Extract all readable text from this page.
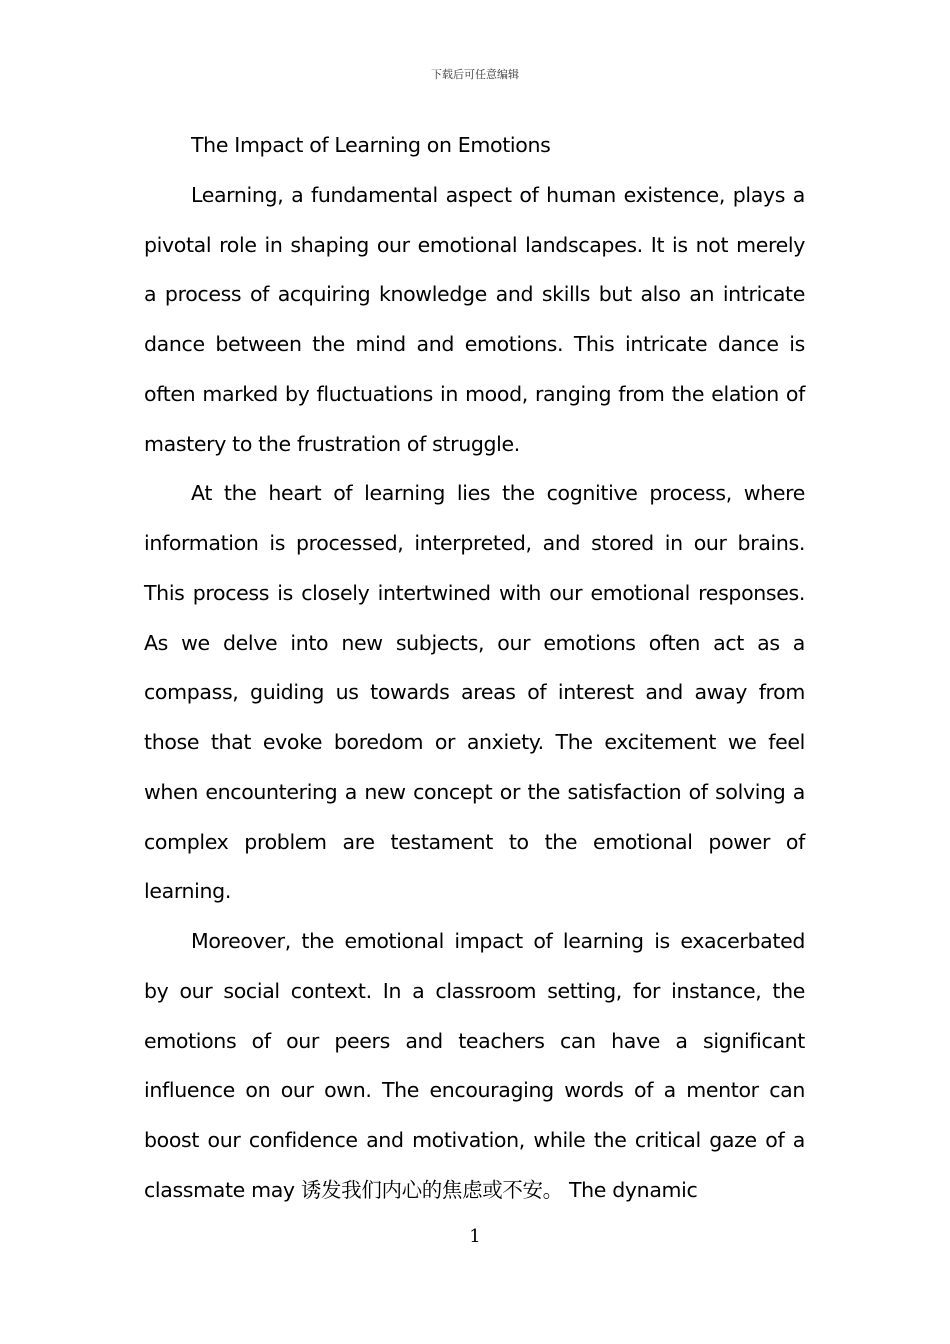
下载后可任意编辑

The Impact of Learning on Emotions

Learning, a fundamental aspect of human existence, plays a pivotal role in shaping our emotional landscapes. It is not merely a process of acquiring knowledge and skills but also an intricate dance between the mind and emotions. This intricate dance is often marked by fluctuations in mood, ranging from the elation of mastery to the frustration of struggle.

At the heart of learning lies the cognitive process, where information is processed, interpreted, and stored in our brains. This process is closely intertwined with our emotional responses. As we delve into new subjects, our emotions often act as a compass, guiding us towards areas of interest and away from those that evoke boredom or anxiety. The excitement we feel when encountering a new concept or the satisfaction of solving a complex problem are testament to the emotional power of learning.

Moreover, the emotional impact of learning is exacerbated by our social context. In a classroom setting, for instance, the emotions of our peers and teachers can have a significant influence on our own. The encouraging words of a mentor can boost our confidence and motivation, while the critical gaze of a classmate may 诱发我们内心的焦虑或不安。 The dynamic

1
